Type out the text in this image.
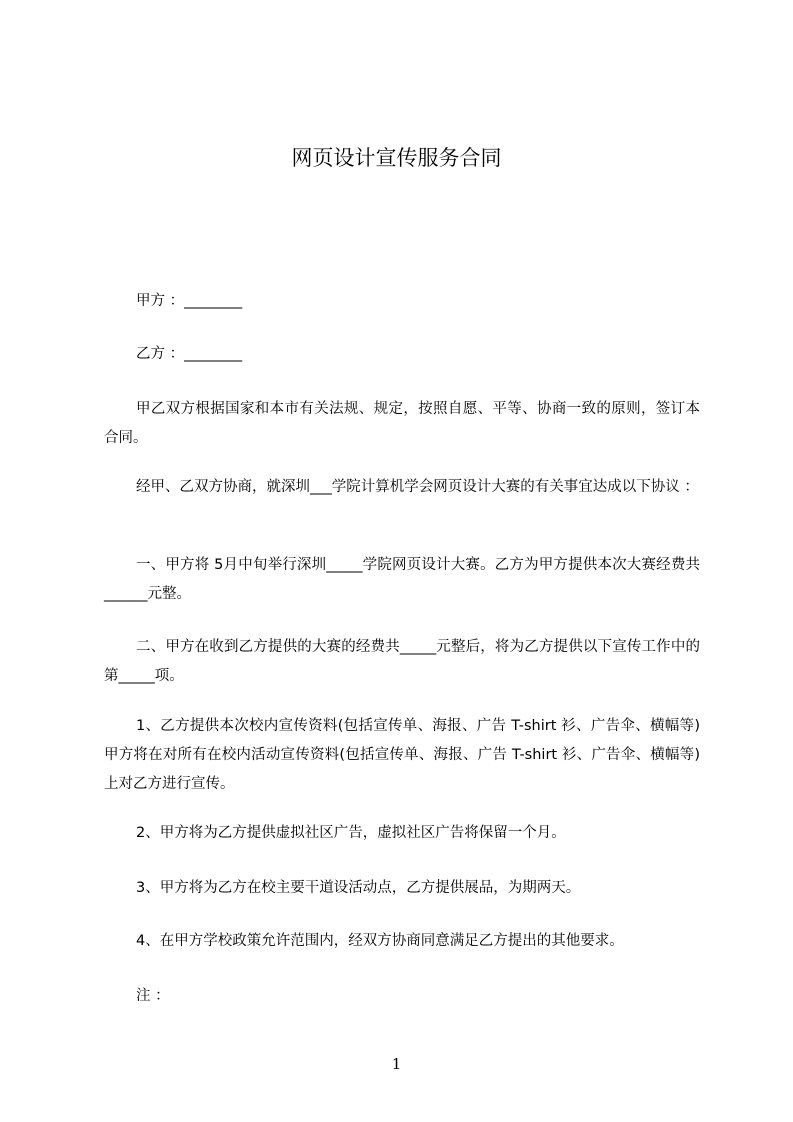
网页设计宣传服务合同
甲方 ：________
乙方 ：________
甲乙双方根据国家和本市有关法规、规定，按照自愿、平等、协商一致的原则，签订本合同。
经甲、乙双方协商，就深圳___学院计算机学会网页设计大赛的有关事宜达成以下协议 ：
一、甲方将 5月中旬举行深圳_____学院网页设计大赛。乙方为甲方提供本次大赛经费共______元整。
二、甲方在收到乙方提供的大赛的经费共_____元整后，将为乙方提供以下宣传工作中的第_____项。
1、乙方提供本次校内宣传资料(包括宣传单、海报、广告 T-shirt 衫、广告伞、横幅等)甲方将在对所有在校内活动宣传资料(包括宣传单、海报、广告 T-shirt 衫、广告伞、横幅等)上对乙方进行宣传。
2、甲方将为乙方提供虚拟社区广告，虚拟社区广告将保留一个月。
3、甲方将为乙方在校主要干道设活动点，乙方提供展品，为期两天。
4、在甲方学校政策允许范围内，经双方协商同意满足乙方提出的其他要求。
注 ：
1
